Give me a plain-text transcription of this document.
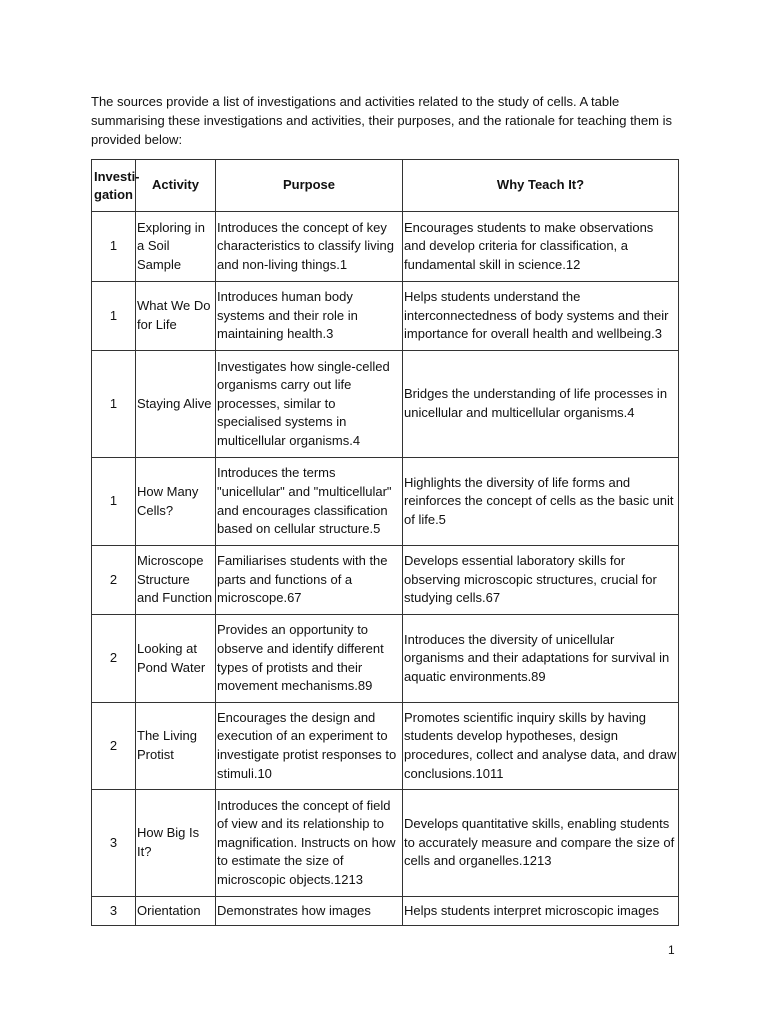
The sources provide a list of investigations and activities related to the study of cells. A table summarising these investigations and activities, their purposes, and the rationale for teaching them is provided below:

Investi-gation	Activity	Purpose	Why Teach It?
1	Exploring in a Soil Sample	Introduces the concept of key characteristics to classify living and non-living things.1	Encourages students to make observations and develop criteria for classification, a fundamental skill in science.12
1	What We Do for Life	Introduces human body systems and their role in maintaining health.3	Helps students understand the interconnectedness of body systems and their importance for overall health and wellbeing.3
1	Staying Alive	Investigates how single-celled organisms carry out life processes, similar to specialised systems in multicellular organisms.4	Bridges the understanding of life processes in unicellular and multicellular organisms.4
1	How Many Cells?	Introduces the terms "unicellular" and "multicellular" and encourages classification based on cellular structure.5	Highlights the diversity of life forms and reinforces the concept of cells as the basic unit of life.5
2	Microscope Structure and Function	Familiarises students with the parts and functions of a microscope.67	Develops essential laboratory skills for observing microscopic structures, crucial for studying cells.67
2	Looking at Pond Water	Provides an opportunity to observe and identify different types of protists and their movement mechanisms.89	Introduces the diversity of unicellular organisms and their adaptations for survival in aquatic environments.89
2	The Living Protist	Encourages the design and execution of an experiment to investigate protist responses to stimuli.10	Promotes scientific inquiry skills by having students develop hypotheses, design procedures, collect and analyse data, and draw conclusions.1011
3	How Big Is It?	Introduces the concept of field of view and its relationship to magnification. Instructs on how to estimate the size of microscopic objects.1213	Develops quantitative skills, enabling students to accurately measure and compare the size of cells and organelles.1213
3	Orientation	Demonstrates how images	Helps students interpret microscopic images
1
